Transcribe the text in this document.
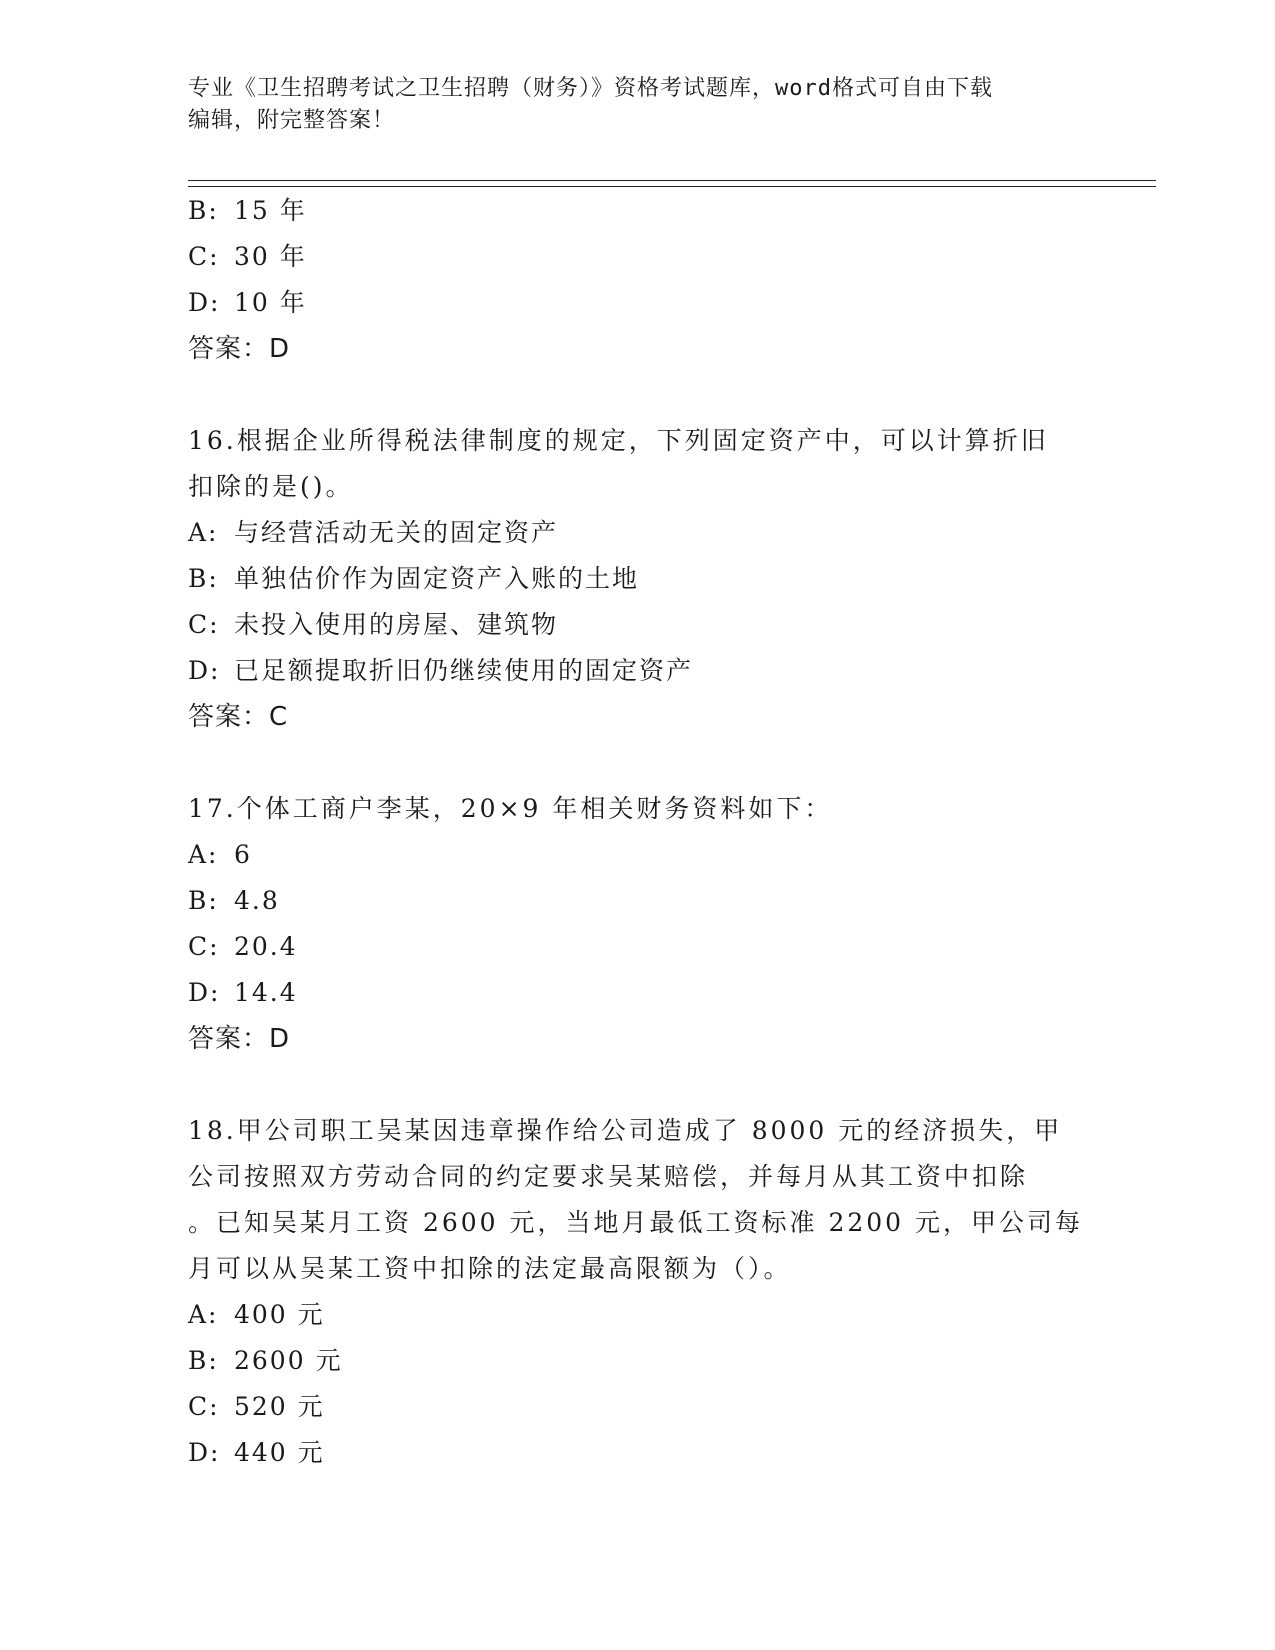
专业《卫生招聘考试之卫生招聘（财务）》资格考试题库，word格式可自由下载
编辑，附完整答案！
B: 15 年
C: 30 年
D: 10 年
答案：D
16.根据企业所得税法律制度的规定，下列固定资产中，可以计算折旧
扣除的是()。
A: 与经营活动无关的固定资产
B: 单独估价作为固定资产入账的土地
C: 未投入使用的房屋、建筑物
D: 已足额提取折旧仍继续使用的固定资产
答案：C
17.个体工商户李某，20×9 年相关财务资料如下：
A: 6
B: 4.8
C: 20.4
D: 14.4
答案：D
18.甲公司职工吴某因违章操作给公司造成了 8000 元的经济损失，甲
公司按照双方劳动合同的约定要求吴某赔偿，并每月从其工资中扣除
。已知吴某月工资 2600 元，当地月最低工资标准 2200 元，甲公司每
月可以从吴某工资中扣除的法定最高限额为（）。
A: 400 元
B: 2600 元
C: 520 元
D: 440 元
